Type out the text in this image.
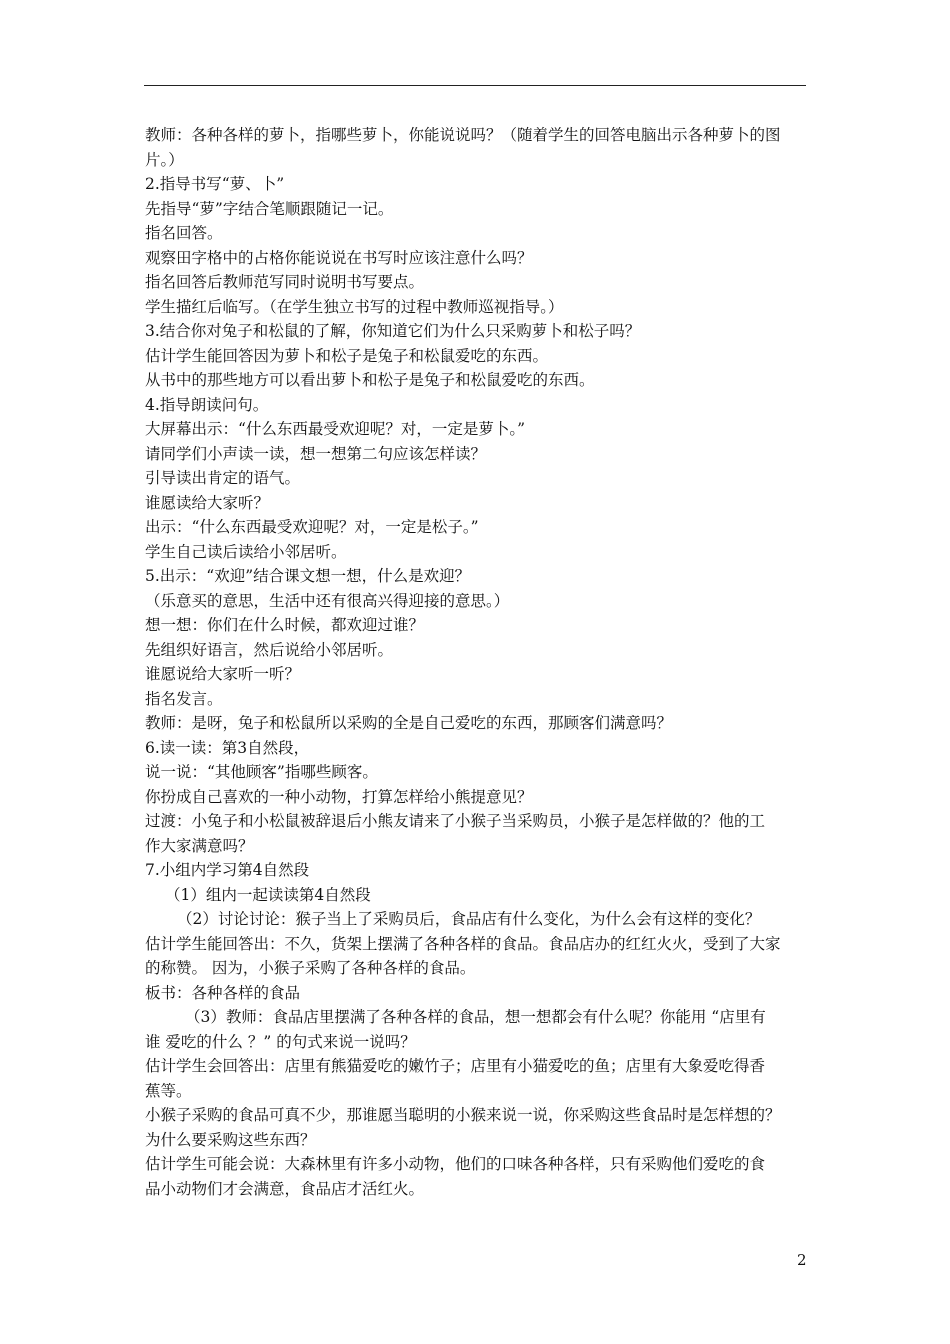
教师：各种各样的萝卜，指哪些萝卜，你能说说吗？（随着学生的回答电脑出示各种萝卜的图
片。）
2.指导书写“萝、卜”
先指导“萝”字结合笔顺跟随记一记。
指名回答。
观察田字格中的占格你能说说在书写时应该注意什么吗？
指名回答后教师范写同时说明书写要点。
学生描红后临写。（在学生独立书写的过程中教师巡视指导。）
3.结合你对兔子和松鼠的了解，你知道它们为什么只采购萝卜和松子吗？
估计学生能回答因为萝卜和松子是兔子和松鼠爱吃的东西。
从书中的那些地方可以看出萝卜和松子是兔子和松鼠爱吃的东西。
4.指导朗读问句。
大屏幕出示：“什么东西最受欢迎呢？对，一定是萝卜。”
请同学们小声读一读，想一想第二句应该怎样读？
引导读出肯定的语气。
谁愿读给大家听？
出示：“什么东西最受欢迎呢？对，一定是松子。”
学生自己读后读给小邻居听。
5.出示：“欢迎”结合课文想一想，什么是欢迎？
（乐意买的意思，生活中还有很高兴得迎接的意思。）
想一想：你们在什么时候，都欢迎过谁？
先组织好语言，然后说给小邻居听。
谁愿说给大家听一听？
指名发言。
教师：是呀，兔子和松鼠所以采购的全是自己爱吃的东西，那顾客们满意吗？
6.读一读：第3自然段，
说一说：“其他顾客”指哪些顾客。
你扮成自己喜欢的一种小动物，打算怎样给小熊提意见？
过渡：小兔子和小松鼠被辞退后小熊友请来了小猴子当采购员，小猴子是怎样做的？他的工
作大家满意吗？
7.小组内学习第4自然段
（1）组内一起读读第4自然段
（2）讨论讨论：猴子当上了采购员后，食品店有什么变化，为什么会有这样的变化？
估计学生能回答出：不久，货架上摆满了各种各样的食品。食品店办的红红火火，受到了大家
的称赞。 因为，小猴子采购了各种各样的食品。
板书：各种各样的食品
（3）教师：食品店里摆满了各种各样的食品，想一想都会有什么呢？你能用 “店里有
谁 爱吃的什么 ？” 的句式来说一说吗？
估计学生会回答出：店里有熊猫爱吃的嫩竹子；店里有小猫爱吃的鱼；店里有大象爱吃得香
蕉等。
小猴子采购的食品可真不少，那谁愿当聪明的小猴来说一说，你采购这些食品时是怎样想的？
为什么要采购这些东西？
估计学生可能会说：大森林里有许多小动物，他们的口味各种各样，只有采购他们爱吃的食
品小动物们才会满意，食品店才活红火。
2
